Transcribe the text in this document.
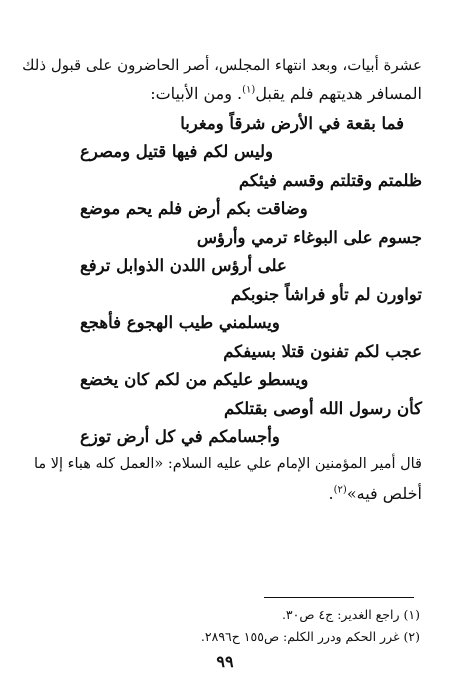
عشرة أبيات، وبعد انتهاء المجلس، أصر الحاضرون على قبول ذلك
المسافر هديتهم فلم يقبل$^{(١)}$. ومن الأبيات:
فما بقعة في الأرض شرقاً ومغربا
وليس لكم فيها قتيل ومصرع
ظلمتم وقتلتم وقسم فيئكم
وضاقت بكم أرض فلم يحم موضع
جسوم على البوغاء ترمي وأرؤس
على أرؤس اللدن الذوابل ترفع
تواورن لم تأو فراشاً جنوبكم
ويسلمني طيب الهجوع فأهجع
عجب لكم تفنون قتلا بسيفكم
ويسطو عليكم من لكم كان يخضع
كأن رسول الله أوصى بقتلكم
وأجسامكم في كل أرض توزع
قال أمير المؤمنين الإمام علي عليه السلام: «العمل كله هباء إلا ما
أخلص فيه»$^{(٢)}$.
(١) راجع الغدير: ج٤ ص٣٠.
(٢) غرر الحكم ودرر الكلم: ص١٥٥ ح٢٨٩٦.
٩٩
